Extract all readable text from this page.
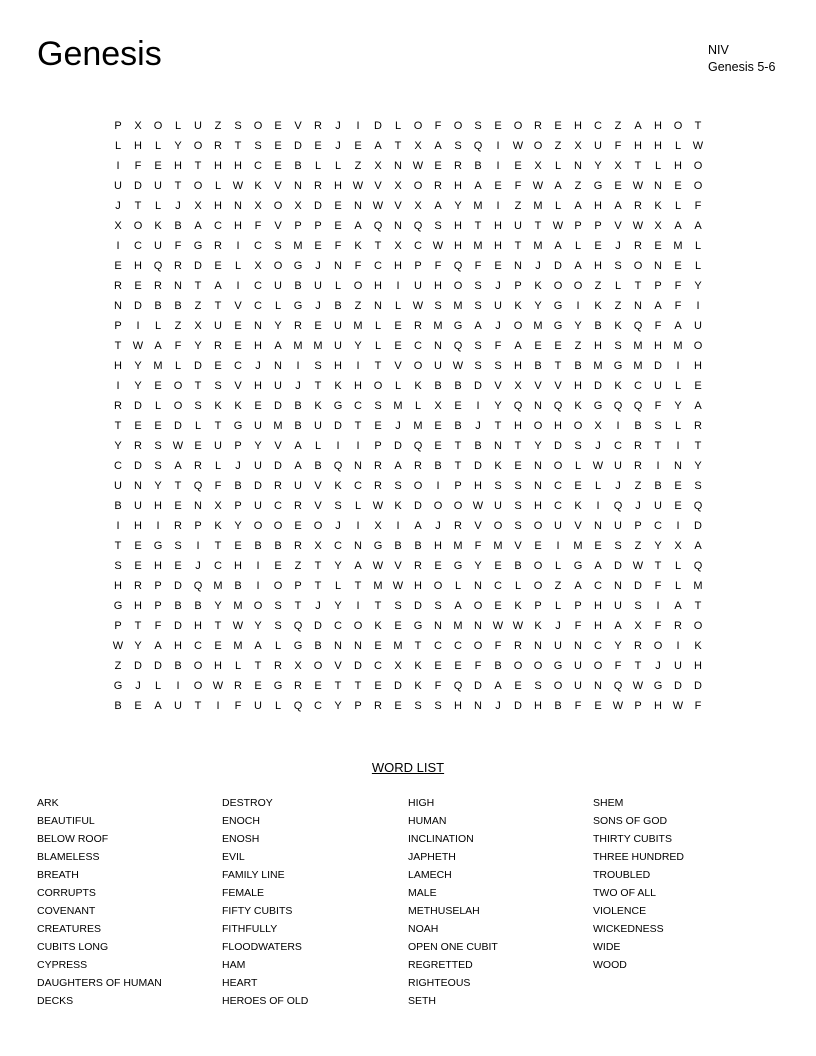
Genesis	NIV
Genesis 5-6
P	X	O	L	U	Z	S	O	E	V	R	J	I	D	L	O	F	O	S	E	O	R	E	H	C	Z	A	H	O	T
L	H	L	Y	O	R	T	S	E	D	E	J	E	A	T	X	A	S	Q	I	W O	Z	X	U	F	H	H	L	W
I	F	E	H	T	H	H	C	E	B	L	L	Z	X	N W	E	R	B	I	E	X	L	N	Y	X	T	L	H	O
U	D	U	T	O	L	W	K	V	N	R	H W	V	X	O	R	H	A	E	F	W	A	Z	G	E	W N	E	O
J	T	L	J	X	H	N	X	O	X	D	E	N W	V	X	A	Y	M	I	Z	M	L	A	H	A	R	K	L	F
X	O	K	B	A	C	H	F	V	P	P	E	A	Q	N	Q	S	H	T	H	U	T	W	P	P	V	W	X	A	A
I	C	U	F	G	R	I	C	S	M	E	F	K	T	X	C W H	M	H	T	M	A	L	E	J	R	E	M	L
E	H	Q	R	D	E	L	X	O	G	J	N	F	C	H	P	F	Q	F	E	N	J	D	A	H	S	O	N	E	L
R	E	R	N	T	A	I	C	U	B	U	L	O	H	I	U	H	O	S	J	P	K	O	O	Z	L	T	P	F	Y
N	D	B	B	Z	T	V	C	L	G	J	B	Z	N	L	W	S	M	S	U	K	Y	G	I	K	Z	N	A	F	I
P	I	L	Z	X	U	E	N	Y	R	E	U	M	L	E	R	M	G	A	J	O	M	G	Y	B	K	Q	F	A	U
T	W	A	F	Y	R	E	H	A	M M	U	Y	L	E	C	N	Q	S	F	A	E	E	Z	H	S	M	H	M	O
H	Y	M	L	D	E	C	J	N	I	S	H	I	T	V	O	U W	S	S	H	B	T	B	M	G	M	D	I	H
I	Y	E	O	T	S	V	H	U	J	T	K	H	O	L	K	B	B	D	V	X	V	V	H	D	K	C	U	L	E
R	D	L	O	S	K	K	E	D	B	K	G	C	S	M	L	X	E	I	Y	Q	N	Q	K	G	Q	Q	F	Y	A
T	E	E	D	L	T	G	U	M	B	U	D	T	E	J	M	E	B	J	T	H	O	H	O	X	I	B	S	L	R
Y	R	S	W	E	U	P	Y	V	A	L	I	I	P	D	Q	E	T	B	N	T	Y	D	S	J	C	R	T	I	T
C	D	S	A	R	L	J	U	D	A	B	Q	N	R	A	R	B	T	D	K	E	N	O	L	W U	R	I	N	Y
U	N	Y	T	Q	F	B	D	R	U	V	K	C	R	S	O	I	P	H	S	S	N	C	E	L	J	Z	B	E	S
B	U	H	E	N	X	P	U	C	R	V	S	L	W	K	D	O	O W U	S	H	C	K	I	Q	J	U	E	Q
I	H	I	R	P	K	Y	O	O	E	O	J	I	X	I	A	J	R	V	O	S	O	U	V	N	U	P	C	I	D
T	E	G	S	I	T	E	B	B	R	X	C	N	G	B	B	H	M	F	M	V	E	I	M	E	S	Z	Y	X	A
S	E	H	E	J	C	H	I	E	Z	T	Y	A	W	V	R	E	G	Y	E	B	O	L	G	A	D W	T	L	Q
H	R	P	D	Q	M	B	I	O	P	T	L	T	M W H	O	L	N	C	L	O	Z	A	C	N	D	F	L	M
G	H	P	B	B	Y	M	O	S	T	J	Y	I	T	S	D	S	A	O	E	K	P	L	P	H	U	S	I	A	T
P	T	F	D	H	T	W	Y	S	Q	D	C	O	K	E	G	N	M	N W W	K	J	F	H	A	X	F	R	O
W	Y	A	H	C	E	M	A	L	G	B	N	N	E	M	T	C	C	O	F	R	N	U	N	C	Y	R	O	I	K
Z	D	D	B	O	H	L	T	R	X	O	V	D	C	X	K	E	E	F	B	O	O	G	U	O	F	T	J	U	H
G	J	L	I	O W R	E	G	R	E	T	T	E	D	K	F	Q	D	A	E	S	O	U	N	Q W G	D	D
B	E	A	U	T	I	F	U	L	Q	C	Y	P	R	E	S	S	H	N	J	D	H	B	F	E	W	P	H W	F
WORD LIST
ARK
BEAUTIFUL
BELOW ROOF
BLAMELESS
BREATH
CORRUPTS
COVENANT
CREATURES
CUBITS LONG
CYPRESS
DAUGHTERS OF HUMAN
DECKS
DESTROY
ENOCH
ENOSH
EVIL
FAMILY LINE
FEMALE
FIFTY CUBITS
FITHFULLY
FLOODWATERS
HAM
HEART
HEROES OF OLD
HIGH
HUMAN
INCLINATION
JAPHETH
LAMECH
MALE
METHUSELAH
NOAH
OPEN ONE CUBIT
REGRETTED
RIGHTEOUS
SETH
SHEM
SONS OF GOD
THIRTY CUBITS
THREE HUNDRED
TROUBLED
TWO OF ALL
VIOLENCE
WICKEDNESS
WIDE
WOOD
